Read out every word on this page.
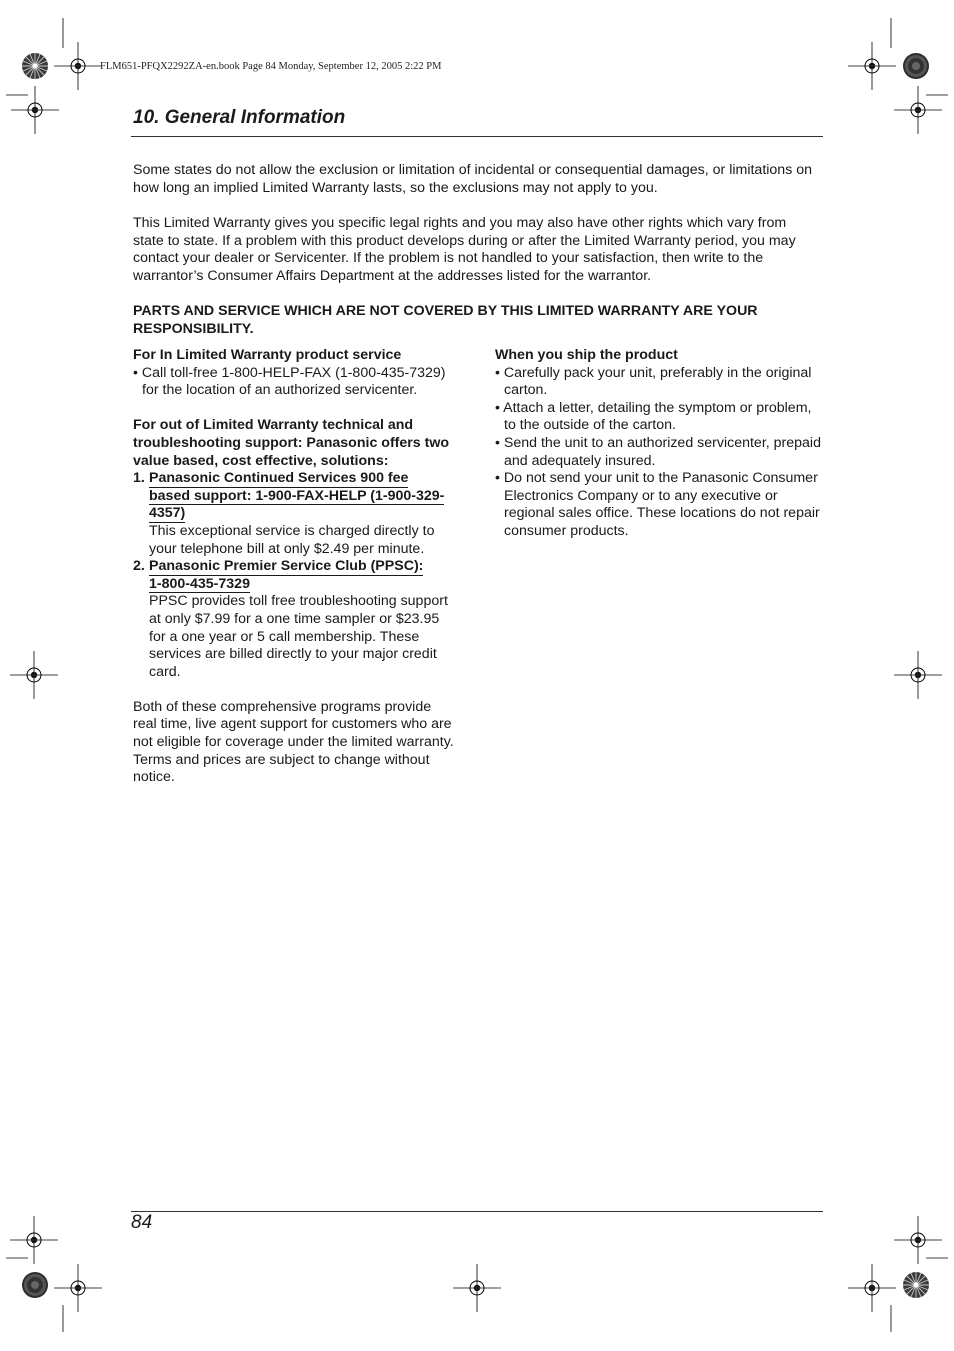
FLM651-PFQX2292ZA-en.book Page 84 Monday, September 12, 2005 2:22 PM
10. General Information

Some states do not allow the exclusion or limitation of incidental or consequential damages, or limitations on how long an implied Limited Warranty lasts, so the exclusions may not apply to you.

This Limited Warranty gives you specific legal rights and you may also have other rights which vary from state to state. If a problem with this product develops during or after the Limited Warranty period, you may contact your dealer or Servicenter. If the problem is not handled to your satisfaction, then write to the warrantor’s Consumer Affairs Department at the addresses listed for the warrantor.

PARTS AND SERVICE WHICH ARE NOT COVERED BY THIS LIMITED WARRANTY ARE YOUR RESPONSIBILITY.

For In Limited Warranty product service

• Call toll-free 1-800-HELP-FAX (1-800-435-7329) for the location of an authorized servicenter.

For out of Limited Warranty technical and troubleshooting support: Panasonic offers two value based, cost effective, solutions:

1. Panasonic Continued Services 900 fee
based support: 1-900-FAX-HELP (1-900-329-
4357)

This exceptional service is charged directly to your telephone bill at only $2.49 per minute.

2. Panasonic Premier Service Club (PPSC):
1-800-435-7329

PPSC provides toll free troubleshooting support at only $7.99 for a one time sampler or $23.95 for a one year or 5 call membership. These services are billed directly to your major credit card.

Both of these comprehensive programs provide real time, live agent support for customers who are not eligible for coverage under the limited warranty.

Terms and prices are subject to change without notice.

When you ship the product

• Carefully pack your unit, preferably in the original carton.

• Attach a letter, detailing the symptom or problem, to the outside of the carton.

• Send the unit to an authorized servicenter, prepaid and adequately insured.

• Do not send your unit to the Panasonic Consumer Electronics Company or to any executive or regional sales office. These locations do not repair consumer products.

84
